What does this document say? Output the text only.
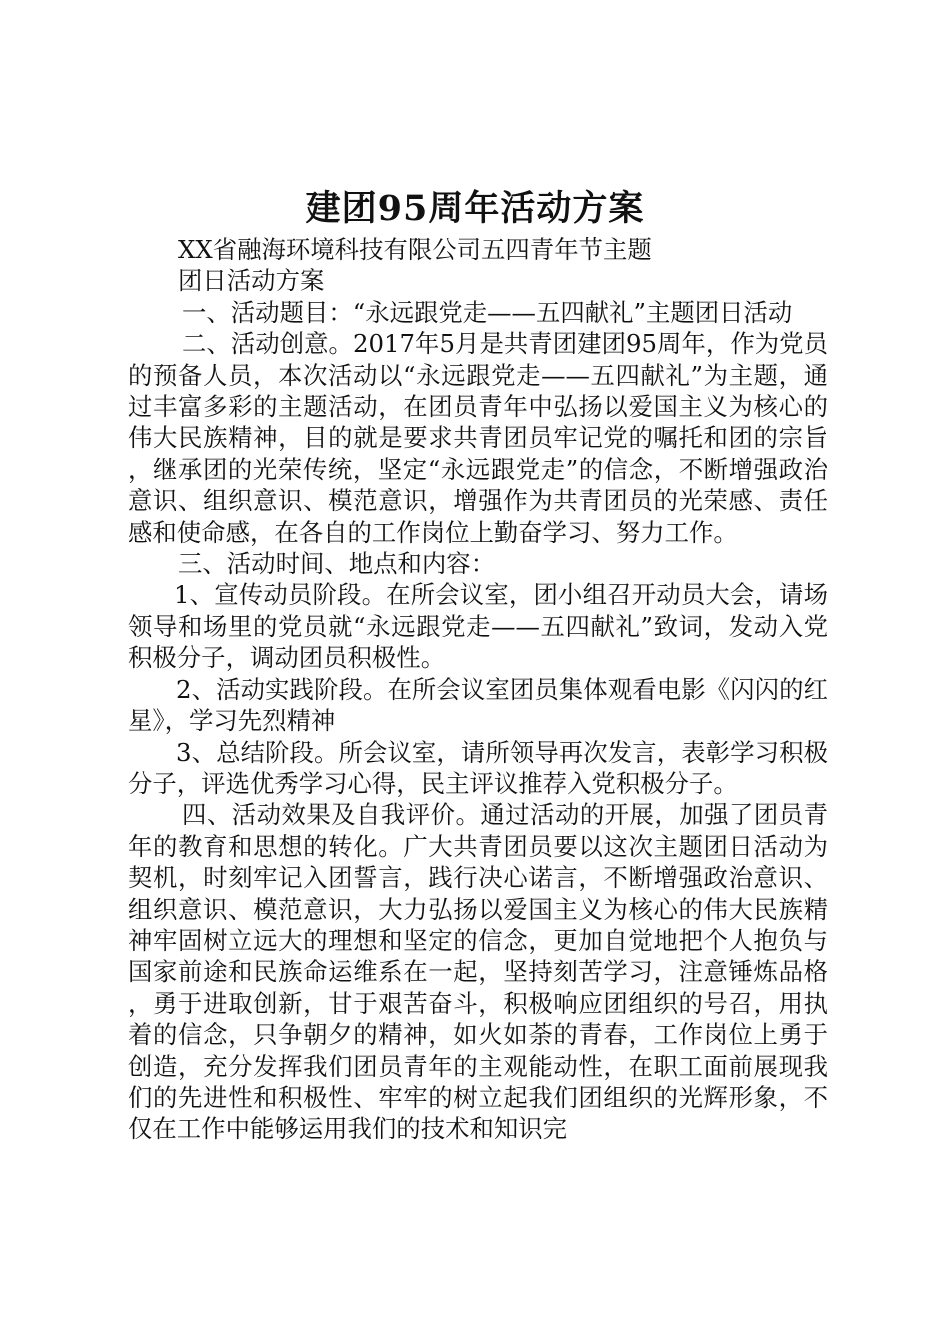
建团95周年活动方案

XX省融海环境科技有限公司五四青年节主题

团日活动方案

一、活动题目：“永远跟党走——五四献礼”主题团日活动

二、活动创意。2017年5月是共青团建团95周年，作为党员的预备人员，本次活动以“永远跟党走——五四献礼”为主题，通过丰富多彩的主题活动，在团员青年中弘扬以爱国主义为核心的伟大民族精神，目的就是要求共青团员牢记党的嘱托和团的宗旨，继承团的光荣传统，坚定“永远跟党走”的信念，不断增强政治意识、组织意识、模范意识，增强作为共青团员的光荣感、责任感和使命感，在各自的工作岗位上勤奋学习、努力工作。

三、活动时间、地点和内容：

1、宣传动员阶段。在所会议室，团小组召开动员大会，请场领导和场里的党员就“永远跟党走——五四献礼”致词，发动入党积极分子，调动团员积极性。

2、活动实践阶段。在所会议室团员集体观看电影《闪闪的红星》，学习先烈精神

3、总结阶段。所会议室，请所领导再次发言，表彰学习积极分子，评选优秀学习心得，民主评议推荐入党积极分子。

四、活动效果及自我评价。通过活动的开展，加强了团员青年的教育和思想的转化。广大共青团员要以这次主题团日活动为契机，时刻牢记入团誓言，践行决心诺言，不断增强政治意识、组织意识、模范意识，大力弘扬以爱国主义为核心的伟大民族精神牢固树立远大的理想和坚定的信念，更加自觉地把个人抱负与国家前途和民族命运维系在一起，坚持刻苦学习，注意锤炼品格，勇于进取创新，甘于艰苦奋斗，积极响应团组织的号召，用执着的信念，只争朝夕的精神，如火如荼的青春，工作岗位上勇于创造，充分发挥我们团员青年的主观能动性，在职工面前展现我们的先进性和积极性、牢牢的树立起我们团组织的光辉形象，不仅在工作中能够运用我们的技术和知识完
